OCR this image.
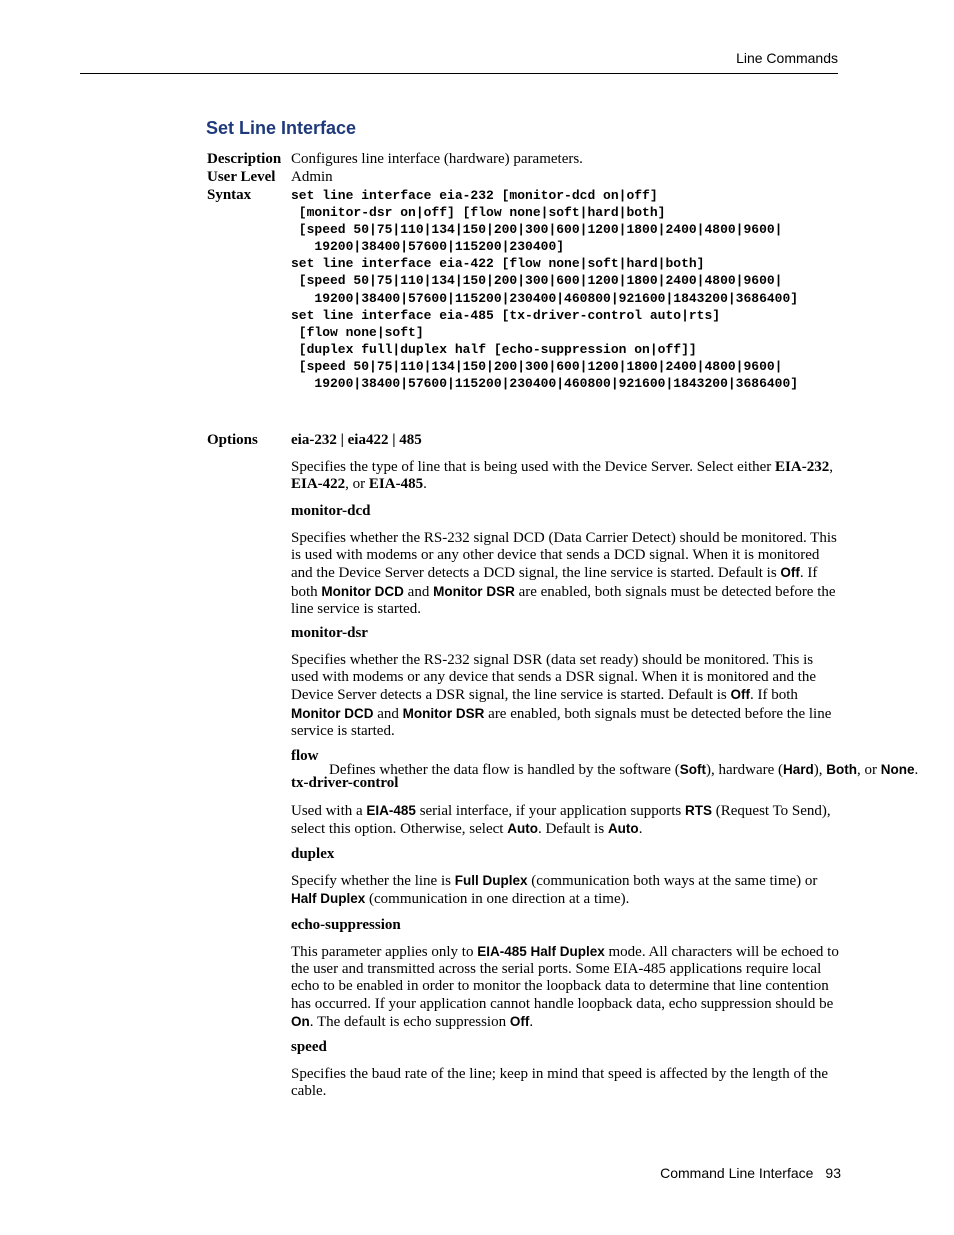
Line Commands
Set Line Interface
Description Configures line interface (hardware) parameters.
User Level Admin
Syntax	set line interface eia-232 [monitor-dcd on|off]
[monitor-dsr on|off] [flow none|soft|hard|both]
[speed 50|75|110|134|150|200|300|600|1200|1800|2400|4800|9600|
19200|38400|57600|115200|230400]
set line interface eia-422 [flow none|soft|hard|both]
[speed 50|75|110|134|150|200|300|600|1200|1800|2400|4800|9600|
19200|38400|57600|115200|230400|460800|921600|1843200|3686400]
set line interface eia-485 [tx-driver-control auto|rts]
[flow none|soft]
[duplex full|duplex half [echo-suppression on|off]]
[speed 50|75|110|134|150|200|300|600|1200|1800|2400|4800|9600|
19200|38400|57600|115200|230400|460800|921600|1843200|3686400]
Options eia-232 | eia422 | 485

Specifies the type of line that is being used with the Device Server. Select either EIA-232, EIA-422, or EIA-485.

monitor-dcd

Specifies whether the RS-232 signal DCD (Data Carrier Detect) should be monitored. This is used with modems or any other device that sends a DCD signal. When it is monitored and the Device Server detects a DCD signal, the line service is started. Default is Off. If both Monitor DCD and Monitor DSR are enabled, both signals must be detected before the line service is started.

monitor-dsr

Specifies whether the RS-232 signal DSR (data set ready) should be monitored. This is used with modems or any device that sends a DSR signal. When it is monitored and the Device Server detects a DSR signal, the line service is started. Default is Off. If both Monitor DCD and Monitor DSR are enabled, both signals must be detected before the line service is started.

flow

Defines whether the data flow is handled by the software (Soft), hardware (Hard), Both, or None.

tx-driver-control

Used with a EIA-485 serial interface, if your application supports RTS (Request To Send), select this option. Otherwise, select Auto. Default is Auto.

duplex

Specify whether the line is Full Duplex (communication both ways at the same time) or Half Duplex (communication in one direction at a time).

echo-suppression

This parameter applies only to EIA-485 Half Duplex mode. All characters will be echoed to the user and transmitted across the serial ports. Some EIA-485 applications require local echo to be enabled in order to monitor the loopback data to determine that line contention has occurred. If your application cannot handle loopback data, echo suppression should be On. The default is echo suppression Off.

speed

Specifies the baud rate of the line; keep in mind that speed is affected by the length of the cable.

Command Line Interface 93
